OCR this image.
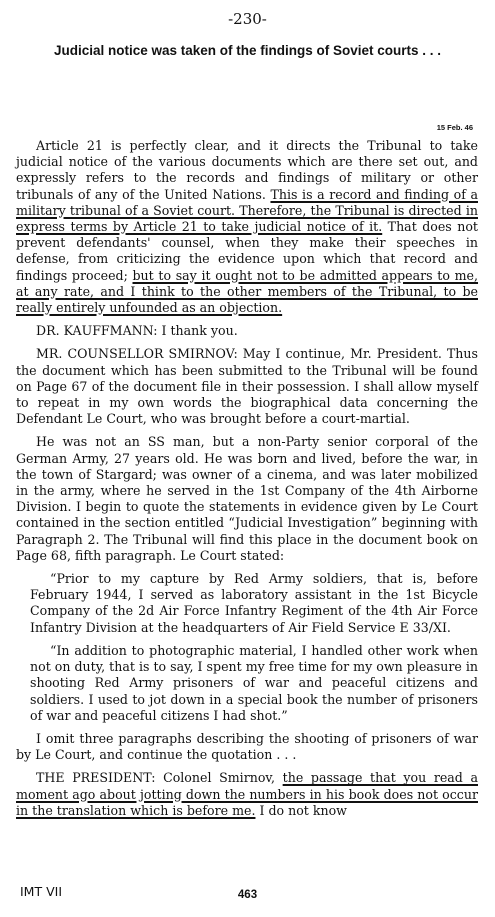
-230-
Judicial notice was taken of the findings of Soviet courts . . .
15 Feb. 46

Article 21 is perfectly clear, and it directs the Tribunal to take judicial notice of the various documents which are there set out, and expressly refers to the records and findings of military or other tribunals of any of the United Nations. This is a record and finding of a military tribunal of a Soviet court. Therefore, the Tribunal is directed in express terms by Article 21 to take judicial notice of it. That does not prevent defendants' counsel, when they make their speeches in defense, from criticizing the evidence upon which that record and findings proceed; but to say it ought not to be admitted appears to me, at any rate, and I think to the other members of the Tribunal, to be really entirely unfounded as an objection.

DR. KAUFFMANN: I thank you.

MR. COUNSELLOR SMIRNOV: May I continue, Mr. President. Thus the document which has been submitted to the Tribunal will be found on Page 67 of the document file in their possession. I shall allow myself to repeat in my own words the biographical data concerning the Defendant Le Court, who was brought before a court-martial.

He was not an SS man, but a non-Party senior corporal of the German Army, 27 years old. He was born and lived, before the war, in the town of Stargard; was owner of a cinema, and was later mobilized in the army, where he served in the 1st Company of the 4th Airborne Division. I begin to quote the statements in evidence given by Le Court contained in the section entitled “Judicial Investigation” beginning with Paragraph 2. The Tribunal will find this place in the document book on Page 68, fifth paragraph. Le Court stated:

“Prior to my capture by Red Army soldiers, that is, before February 1944, I served as laboratory assistant in the 1st Bicycle Company of the 2d Air Force Infantry Regiment of the 4th Air Force Infantry Division at the headquarters of Air Field Service E 33/XI.

“In addition to photographic material, I handled other work when not on duty, that is to say, I spent my free time for my own pleasure in shooting Red Army prisoners of war and peaceful citizens and soldiers. I used to jot down in a special book the number of prisoners of war and peaceful citizens I had shot.”

I omit three paragraphs describing the shooting of prisoners of war by Le Court, and continue the quotation . . .

THE PRESIDENT: Colonel Smirnov, the passage that you read a moment ago about jotting down the numbers in his book does not occur in the translation which is before me. I do not know

IMT VII	463
